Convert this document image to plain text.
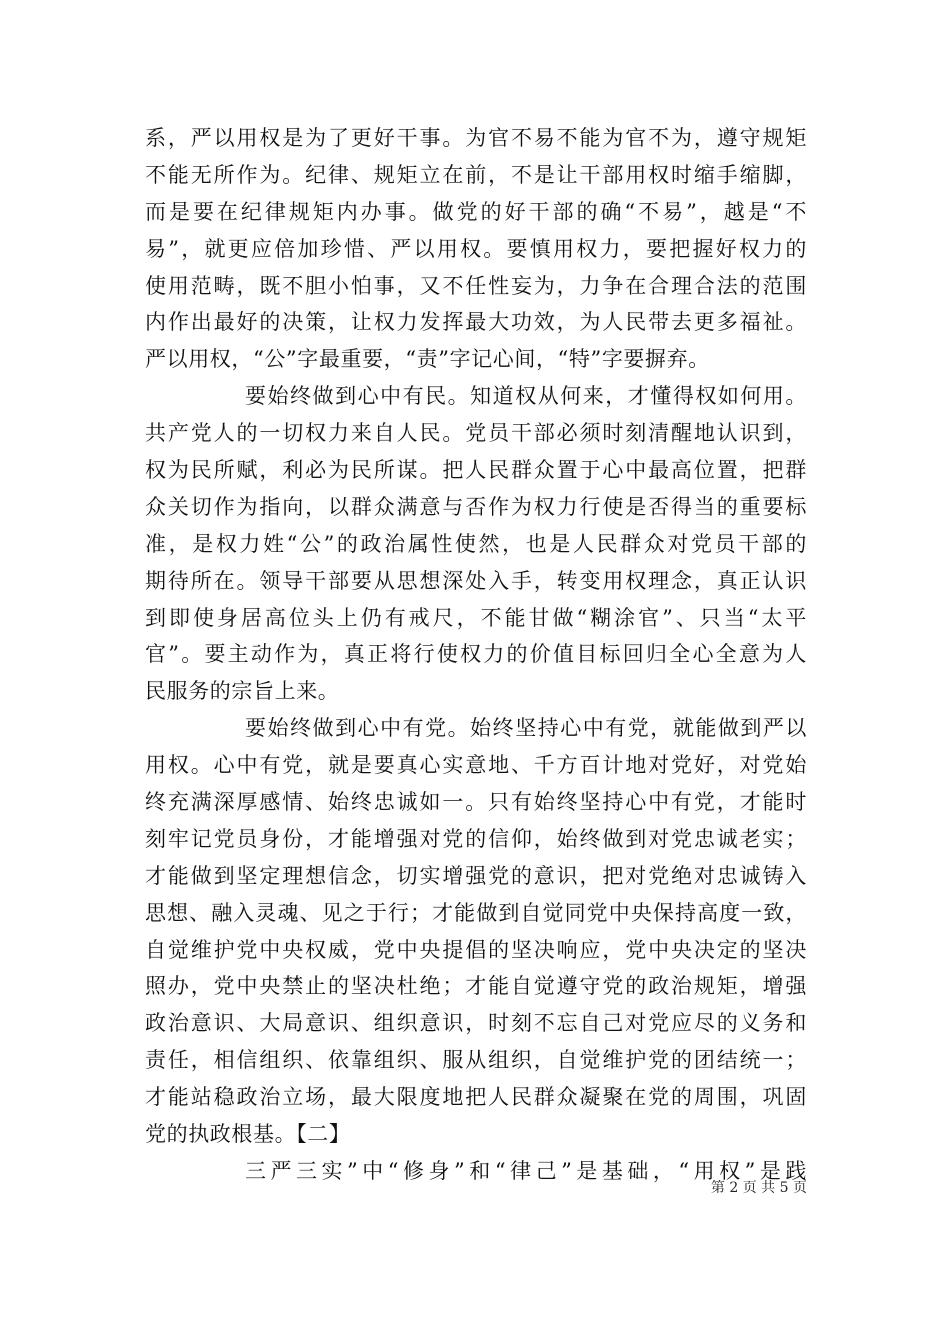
系，严以用权是为了更好干事。为官不易不能为官不为，遵守规矩
不能无所作为。纪律、规矩立在前，不是让干部用权时缩手缩脚，
而是要在纪律规矩内办事。做党的好干部的确“不易”，越是“不
易”，就更应倍加珍惜、严以用权。要慎用权力，要把握好权力的
使用范畴，既不胆小怕事，又不任性妄为，力争在合理合法的范围
内作出最好的决策，让权力发挥最大功效，为人民带去更多福祉。
严以用权，“公”字最重要，“责”字记心间，“特”字要摒弃。
要始终做到心中有民。知道权从何来，才懂得权如何用。
共产党人的一切权力来自人民。党员干部必须时刻清醒地认识到，
权为民所赋，利必为民所谋。把人民群众置于心中最高位置，把群
众关切作为指向，以群众满意与否作为权力行使是否得当的重要标
准，是权力姓“公”的政治属性使然，也是人民群众对党员干部的
期待所在。领导干部要从思想深处入手，转变用权理念，真正认识
到即使身居高位头上仍有戒尺，不能甘做“糊涂官”、只当“太平
官”。要主动作为，真正将行使权力的价值目标回归全心全意为人
民服务的宗旨上来。
要始终做到心中有党。始终坚持心中有党，就能做到严以
用权。心中有党，就是要真心实意地、千方百计地对党好，对党始
终充满深厚感情、始终忠诚如一。只有始终坚持心中有党，才能时
刻牢记党员身份，才能增强对党的信仰，始终做到对党忠诚老实；
才能做到坚定理想信念，切实增强党的意识，把对党绝对忠诚铸入
思想、融入灵魂、见之于行；才能做到自觉同党中央保持高度一致，
自觉维护党中央权威，党中央提倡的坚决响应，党中央决定的坚决
照办，党中央禁止的坚决杜绝；才能自觉遵守党的政治规矩，增强
政治意识、大局意识、组织意识，时刻不忘自己对党应尽的义务和
责任，相信组织、依靠组织、服从组织，自觉维护党的团结统一；
才能站稳政治立场，最大限度地把人民群众凝聚在党的周围，巩固
党的执政根基。【二】
三严三实”中“修身”和“律己”是基础，“用权”是践
第 2 页 共 5 页
